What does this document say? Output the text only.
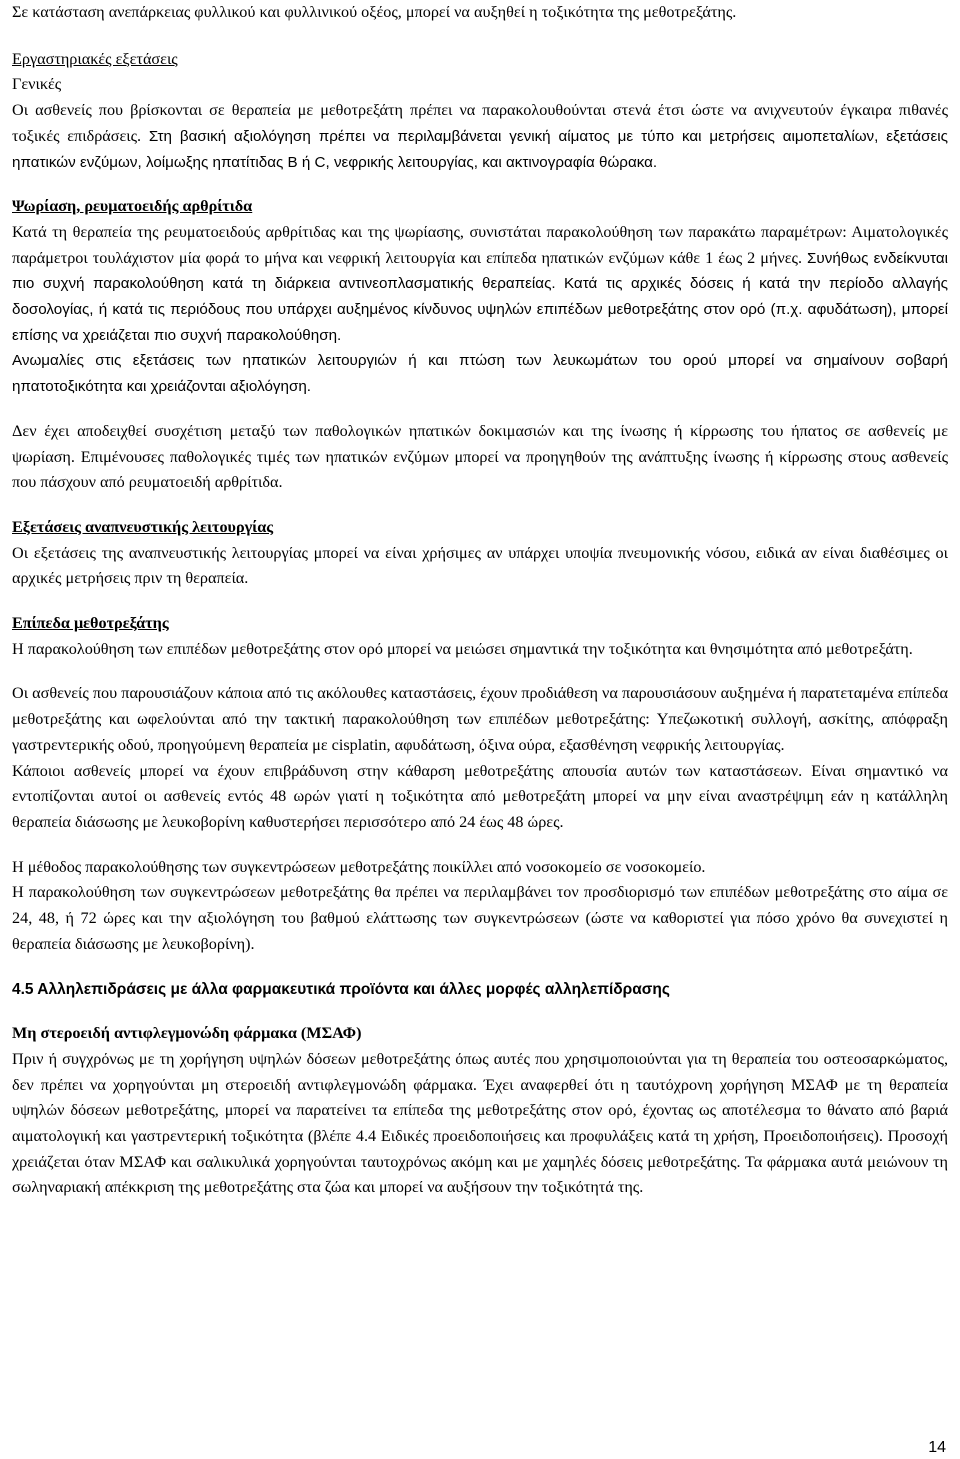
Σε κατάσταση ανεπάρκειας φυλλικού και φυλλινικού οξέος, μπορεί να αυξηθεί η τοξικότητα της μεθοτρεξάτης.

Εργαστηριακές εξετάσεις

Γενικές

Οι ασθενείς που βρίσκονται σε θεραπεία με μεθοτρεξάτη πρέπει να παρακολουθούνται στενά έτσι ώστε να ανιχνευτούν έγκαιρα πιθανές τοξικές επιδράσεις. Στη βασική αξιολόγηση πρέπει να περιλαμβάνεται γενική αίματος με τύπο και μετρήσεις αιμοπεταλίων, εξετάσεις ηπατικών ενζύμων, λοίμωξης ηπατίτιδας B ή C, νεφρικής λειτουργίας, και ακτινογραφία θώρακα.

Ψωρίαση, ρευματοειδής αρθρίτιδα

Κατά τη θεραπεία της ρευματοειδούς αρθρίτιδας και της ψωρίασης, συνιστάται παρακολούθηση των παρακάτω παραμέτρων: Αιματολογικές παράμετροι τουλάχιστον μία φορά το μήνα και νεφρική λειτουργία και επίπεδα ηπατικών ενζύμων κάθε 1 έως 2 μήνες. Συνήθως ενδείκνυται πιο συχνή παρακολούθηση κατά τη διάρκεια αντινεοπλασματικής θεραπείας. Κατά τις αρχικές δόσεις ή κατά την περίοδο αλλαγής δοσολογίας, ή κατά τις περιόδους που υπάρχει αυξημένος κίνδυνος υψηλών επιπέδων μεθοτρεξάτης στον ορό (π.χ. αφυδάτωση), μπορεί επίσης να χρειάζεται πιο συχνή παρακολούθηση.

Ανωμαλίες στις εξετάσεις των ηπατικών λειτουργιών ή και πτώση των λευκωμάτων του ορού μπορεί να σημαίνουν σοβαρή ηπατοτοξικότητα και χρειάζονται αξιολόγηση.

Δεν έχει αποδειχθεί συσχέτιση μεταξύ των παθολογικών ηπατικών δοκιμασιών και της ίνωσης ή κίρρωσης του ήπατος σε ασθενείς με ψωρίαση. Επιμένουσες παθολογικές τιμές των ηπατικών ενζύμων μπορεί να προηγηθούν της ανάπτυξης ίνωσης ή κίρρωσης στους ασθενείς που πάσχουν από ρευματοειδή αρθρίτιδα.

Εξετάσεις αναπνευστικής λειτουργίας

Οι εξετάσεις της αναπνευστικής λειτουργίας μπορεί να είναι χρήσιμες αν υπάρχει υποψία πνευμονικής νόσου, ειδικά αν είναι διαθέσιμες οι αρχικές μετρήσεις πριν τη θεραπεία.

Επίπεδα μεθοτρεξάτης

Η παρακολούθηση των επιπέδων μεθοτρεξάτης στον ορό μπορεί να μειώσει σημαντικά την τοξικότητα και θνησιμότητα από μεθοτρεξάτη.

Οι ασθενείς που παρουσιάζουν κάποια από τις ακόλουθες καταστάσεις, έχουν προδιάθεση να παρουσιάσουν αυξημένα ή παρατεταμένα επίπεδα μεθοτρεξάτης και ωφελούνται από την τακτική παρακολούθηση των επιπέδων μεθοτρεξάτης: Υπεζωκοτική συλλογή, ασκίτης, απόφραξη γαστρεντερικής οδού, προηγούμενη θεραπεία με cisplatin, αφυδάτωση, όξινα ούρα, εξασθένηση νεφρικής λειτουργίας.

Κάποιοι ασθενείς μπορεί να έχουν επιβράδυνση στην κάθαρση μεθοτρεξάτης απουσία αυτών των καταστάσεων. Είναι σημαντικό να εντοπίζονται αυτοί οι ασθενείς εντός 48 ωρών γιατί η τοξικότητα από μεθοτρεξάτη μπορεί να μην είναι αναστρέψιμη εάν η κατάλληλη θεραπεία διάσωσης με λευκοβορίνη καθυστερήσει περισσότερο από 24 έως 48 ώρες.

Η μέθοδος παρακολούθησης των συγκεντρώσεων μεθοτρεξάτης ποικίλλει από νοσοκομείο σε νοσοκομείο.

Η παρακολούθηση των συγκεντρώσεων μεθοτρεξάτης θα πρέπει να περιλαμβάνει τον προσδιορισμό των επιπέδων μεθοτρεξάτης στο αίμα σε 24, 48, ή 72 ώρες και την αξιολόγηση του βαθμού ελάττωσης των συγκεντρώσεων (ώστε να καθοριστεί για πόσο χρόνο θα συνεχιστεί η θεραπεία διάσωσης με λευκοβορίνη).

4.5 Αλληλεπιδράσεις με άλλα φαρμακευτικά προϊόντα και άλλες μορφές αλληλεπίδρασης

Μη στεροειδή αντιφλεγμονώδη φάρμακα (ΜΣΑΦ)

Πριν ή συγχρόνως με τη χορήγηση υψηλών δόσεων μεθοτρεξάτης όπως αυτές που χρησιμοποιούνται για τη θεραπεία του οστεοσαρκώματος, δεν πρέπει να χορηγούνται μη στεροειδή αντιφλεγμονώδη φάρμακα. Έχει αναφερθεί ότι η ταυτόχρονη χορήγηση ΜΣΑΦ με τη θεραπεία υψηλών δόσεων μεθοτρεξάτης, μπορεί να παρατείνει τα επίπεδα της μεθοτρεξάτης στον ορό, έχοντας ως αποτέλεσμα το θάνατο από βαριά αιματολογική και γαστρεντερική τοξικότητα (βλέπε 4.4 Ειδικές προειδοποιήσεις και προφυλάξεις κατά τη χρήση, Προειδοποιήσεις). Προσοχή χρειάζεται όταν ΜΣΑΦ και σαλικυλικά χορηγούνται ταυτοχρόνως ακόμη και με χαμηλές δόσεις μεθοτρεξάτης. Τα φάρμακα αυτά μειώνουν τη σωληναριακή απέκκριση της μεθοτρεξάτης στα ζώα και μπορεί να αυξήσουν την τοξικότητά της.

14
